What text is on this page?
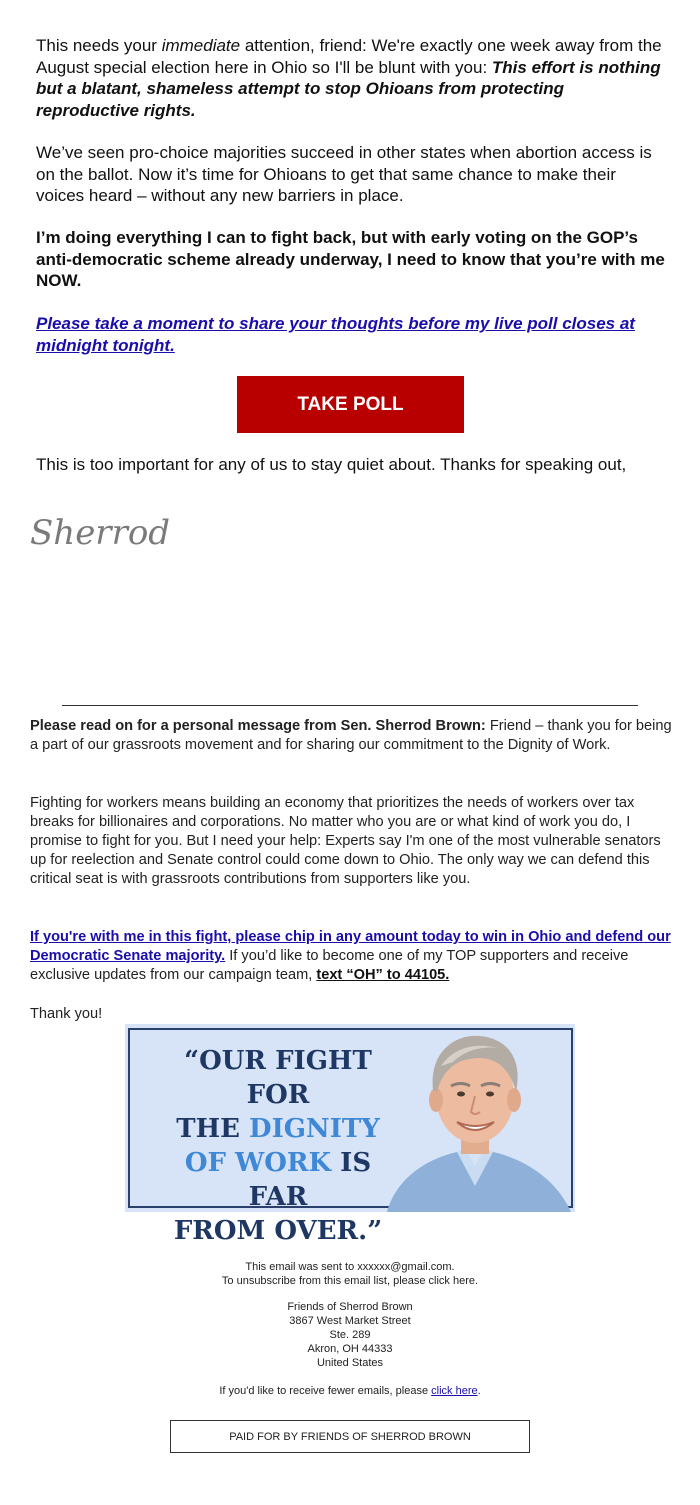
This needs your immediate attention, friend: We're exactly one week away from the August special election here in Ohio so I'll be blunt with you: This effort is nothing but a blatant, shameless attempt to stop Ohioans from protecting reproductive rights.

We’ve seen pro-choice majorities succeed in other states when abortion access is on the ballot. Now it’s time for Ohioans to get that same chance to make their voices heard – without any new barriers in place.

I’m doing everything I can to fight back, but with early voting on the GOP’s anti-democratic scheme already underway, I need to know that you’re with me NOW.

Please take a moment to share your thoughts before my live poll closes at midnight tonight.

TAKE POLL

This is too important for any of us to stay quiet about. Thanks for speaking out,

Sherrod

Please read on for a personal message from Sen. Sherrod Brown: Friend – thank you for being a part of our grassroots movement and for sharing our commitment to the Dignity of Work.

Fighting for workers means building an economy that prioritizes the needs of workers over tax breaks for billionaires and corporations. No matter who you are or what kind of work you do, I promise to fight for you. But I need your help: Experts say I'm one of the most vulnerable senators up for reelection and Senate control could come down to Ohio. The only way we can defend this critical seat is with grassroots contributions from supporters like you.

If you're with me in this fight, please chip in any amount today to win in Ohio and defend our Democratic Senate majority. If you’d like to become one of my TOP supporters and receive exclusive updates from our campaign team, text “OH” to 44105.

Thank you!

“OUR FIGHT FOR
THE DIGNITY
OF WORK IS FAR
FROM OVER.”
This email was sent to xxxxxx@gmail.com.
To unsubscribe from this email list, please click here.
Friends of Sherrod Brown
3867 West Market Street
Ste. 289
Akron, OH 44333
United States
If you'd like to receive fewer emails, please click here.
PAID FOR BY FRIENDS OF SHERROD BROWN
